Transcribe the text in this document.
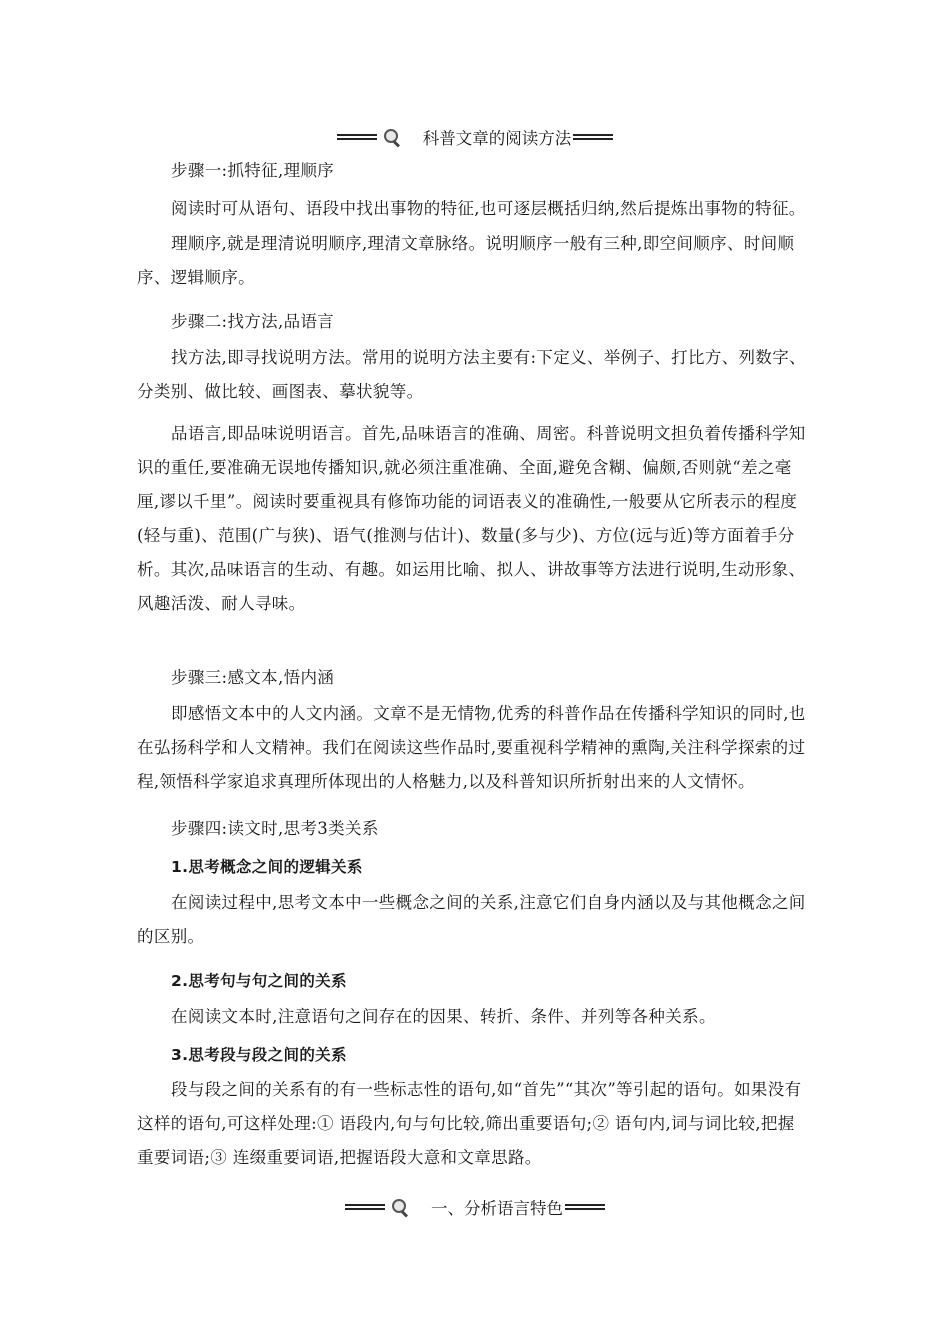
科普文章的阅读方法
步骤一:抓特征,理顺序
阅读时可从语句、语段中找出事物的特征,也可逐层概括归纳,然后提炼出事物的特征。
理顺序,就是理清说明顺序,理清文章脉络。说明顺序一般有三种,即空间顺序、时间顺序、逻辑顺序。
步骤二:找方法,品语言
找方法,即寻找说明方法。常用的说明方法主要有:下定义、举例子、打比方、列数字、分类别、做比较、画图表、摹状貌等。
品语言,即品味说明语言。首先,品味语言的准确、周密。科普说明文担负着传播科学知识的重任,要准确无误地传播知识,就必须注重准确、全面,避免含糊、偏颇,否则就“差之毫厘,谬以千里”。阅读时要重视具有修饰功能的词语表义的准确性,一般要从它所表示的程度(轻与重)、范围(广与狭)、语气(推测与估计)、数量(多与少)、方位(远与近)等方面着手分析。其次,品味语言的生动、有趣。如运用比喻、拟人、讲故事等方法进行说明,生动形象、风趣活泼、耐人寻味。
步骤三:感文本,悟内涵
即感悟文本中的人文内涵。文章不是无情物,优秀的科普作品在传播科学知识的同时,也在弘扬科学和人文精神。我们在阅读这些作品时,要重视科学精神的熏陶,关注科学探索的过程,领悟科学家追求真理所体现出的人格魅力,以及科普知识所折射出来的人文情怀。
步骤四:读文时,思考3类关系
1.思考概念之间的逻辑关系
在阅读过程中,思考文本中一些概念之间的关系,注意它们自身内涵以及与其他概念之间的区别。
2.思考句与句之间的关系
在阅读文本时,注意语句之间存在的因果、转折、条件、并列等各种关系。
3.思考段与段之间的关系
段与段之间的关系有的有一些标志性的语句,如“首先”“其次”等引起的语句。如果没有这样的语句,可这样处理:① 语段内,句与句比较,筛出重要语句;② 语句内,词与词比较,把握重要词语;③ 连缀重要词语,把握语段大意和文章思路。
一、分析语言特色
